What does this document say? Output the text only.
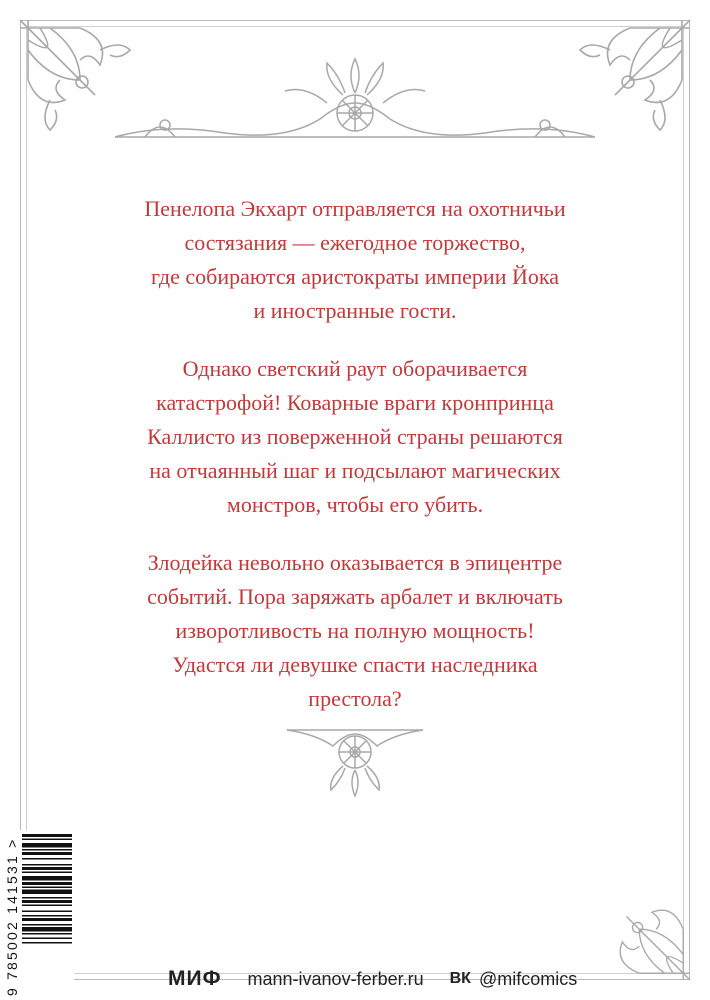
Пенелопа Экхарт отправляется на охотничьи
состязания — ежегодное торжество,
где собираются аристократы империи Йока
и иностранные гости.

Однако светский раут оборачивается
катастрофой! Коварные враги кронпринца
Каллисто из поверженной страны решаются
на отчаянный шаг и подсылают магических
монстров, чтобы его убить.

Злодейка невольно оказывается в эпицентре
событий. Пора заряжать арбалет и включать
изворотливость на полную мощность!
Удастся ли девушке спасти наследника
престола?

9 785002 141531 >	МИФ mann-ivanov-ferber.ru ВК @mifcomics
